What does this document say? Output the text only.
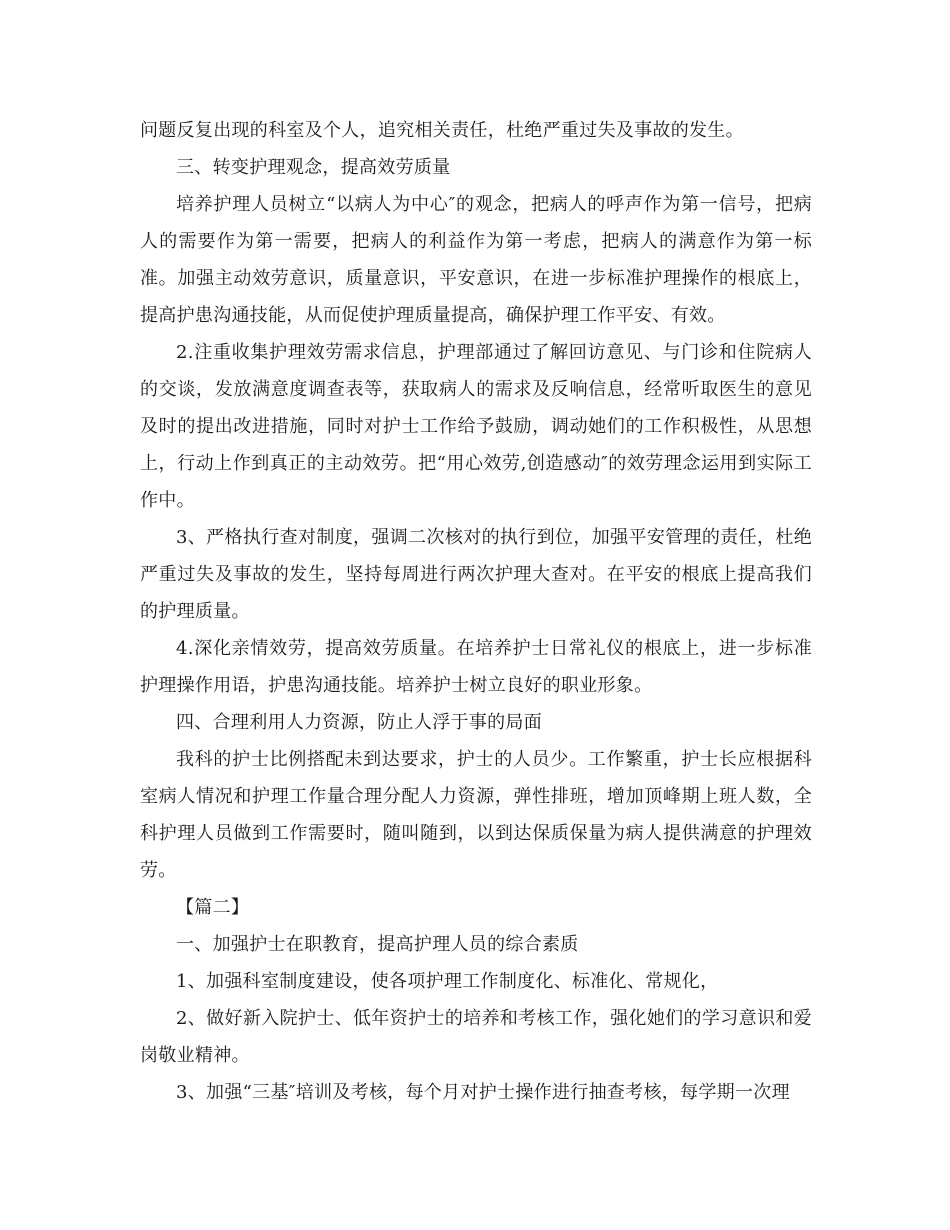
问题反复出现的科室及个人，追究相关责任，杜绝严重过失及事故的发生。

三、转变护理观念，提高效劳质量

培养护理人员树立“以病人为中心″的观念，把病人的呼声作为第一信号，把病人的需要作为第一需要，把病人的利益作为第一考虑，把病人的满意作为第一标准。加强主动效劳意识，质量意识，平安意识，在进一步标准护理操作的根底上，提高护患沟通技能，从而促使护理质量提高，确保护理工作平安、有效。

2.注重收集护理效劳需求信息，护理部通过了解回访意见、与门诊和住院病人的交谈，发放满意度调查表等，获取病人的需求及反响信息，经常听取医生的意见及时的提出改进措施，同时对护士工作给予鼓励，调动她们的工作积极性，从思想上，行动上作到真正的主动效劳。把“用心效劳,创造感动″的效劳理念运用到实际工作中。

3、严格执行查对制度，强调二次核对的执行到位，加强平安管理的责任，杜绝严重过失及事故的发生，坚持每周进行两次护理大查对。在平安的根底上提高我们的护理质量。

4.深化亲情效劳，提高效劳质量。在培养护士日常礼仪的根底上，进一步标准护理操作用语，护患沟通技能。培养护士树立良好的职业形象。

四、合理利用人力资源，防止人浮于事的局面

我科的护士比例搭配未到达要求，护士的人员少。工作繁重，护士长应根据科室病人情况和护理工作量合理分配人力资源，弹性排班，增加顶峰期上班人数，全科护理人员做到工作需要时，随叫随到，以到达保质保量为病人提供满意的护理效劳。

【篇二】

一、加强护士在职教育，提高护理人员的综合素质

1、加强科室制度建设，使各项护理工作制度化、标准化、常规化，

2、做好新入院护士、低年资护士的培养和考核工作，强化她们的学习意识和爱岗敬业精神。

3、加强“三基″培训及考核，每个月对护士操作进行抽查考核，每学期一次理
